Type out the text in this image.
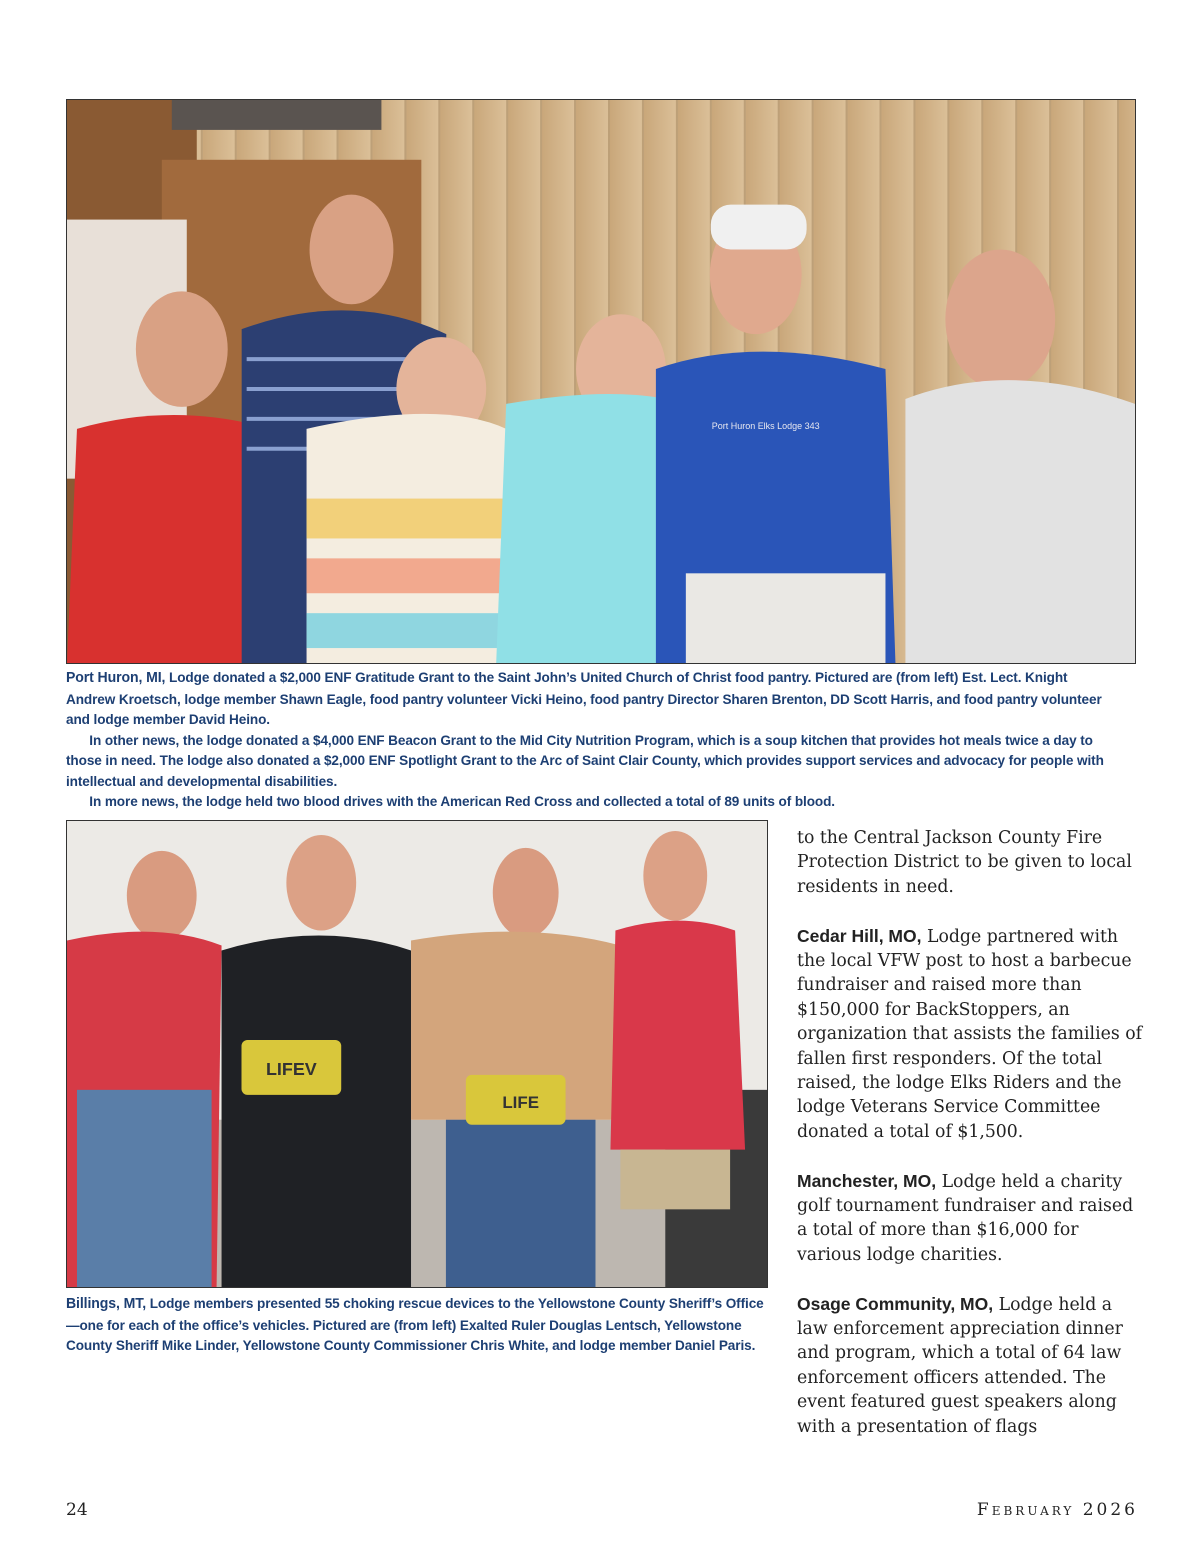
Port Huron Elks Lodge 343

Port Huron, MI, Lodge donated a $2,000 ENF Gratitude Grant to the Saint John’s United Church of Christ food pantry. Pictured are (from left) Est. Lect. Knight Andrew Kroetsch, lodge member Shawn Eagle, food pantry volunteer Vicki Heino, food pantry Director Sharen Brenton, DD Scott Harris, and food pantry volunteer and lodge member David Heino.

In other news, the lodge donated a $4,000 ENF Beacon Grant to the Mid City Nutrition Program, which is a soup kitchen that provides hot meals twice a day to those in need. The lodge also donated a $2,000 ENF Spotlight Grant to the Arc of Saint Clair County, which provides support services and advocacy for people with intellectual and developmental disabilities.

In more news, the lodge held two blood drives with the American Red Cross and collected a total of 89 units of blood.

LIFEV
LIFE

Billings, MT, Lodge members presented 55 choking rescue devices to the Yellowstone County Sheriff’s Office—one for each of the office’s vehicles. Pictured are (from left) Exalted Ruler Douglas Lentsch, Yellowstone County Sheriff Mike Linder, Yellowstone County Commissioner Chris White, and lodge member Daniel Paris.

to the Central Jackson County Fire Protection District to be given to local residents in need.

Cedar Hill, MO, Lodge partnered with the local VFW post to host a barbecue fundraiser and raised more than $150,000 for BackStoppers, an organization that assists the families of fallen first responders. Of the total raised, the lodge Elks Riders and the lodge Veterans Service Committee donated a total of $1,500.

Manchester, MO, Lodge held a charity golf tournament fundraiser and raised a total of more than $16,000 for various lodge charities.

Osage Community, MO, Lodge held a law enforcement appreciation dinner and program, which a total of 64 law enforcement officers attended. The event featured guest speakers along with a presentation of flags

24	February 2026
